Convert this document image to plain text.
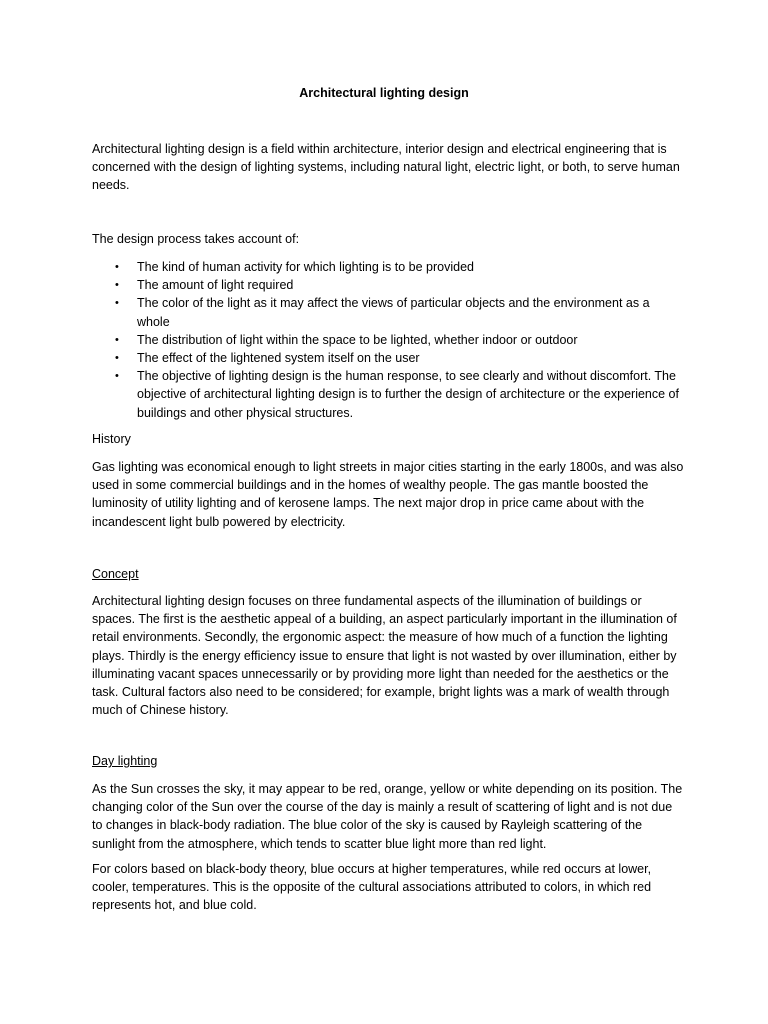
Architectural lighting design

Architectural lighting design is a field within architecture, interior design and electrical engineering that is concerned with the design of lighting systems, including natural light, electric light, or both, to serve human needs.

The design process takes account of:

• The kind of human activity for which lighting is to be provided
• The amount of light required
• The color of the light as it may affect the views of particular objects and the environment as a whole
• The distribution of light within the space to be lighted, whether indoor or outdoor
• The effect of the lightened system itself on the user
• The objective of lighting design is the human response, to see clearly and without discomfort. The objective of architectural lighting design is to further the design of architecture or the experience of buildings and other physical structures.

History

Gas lighting was economical enough to light streets in major cities starting in the early 1800s, and was also used in some commercial buildings and in the homes of wealthy people. The gas mantle boosted the luminosity of utility lighting and of kerosene lamps. The next major drop in price came about with the incandescent light bulb powered by electricity.

Concept

Architectural lighting design focuses on three fundamental aspects of the illumination of buildings or spaces. The first is the aesthetic appeal of a building, an aspect particularly important in the illumination of retail environments. Secondly, the ergonomic aspect: the measure of how much of a function the lighting plays. Thirdly is the energy efficiency issue to ensure that light is not wasted by over illumination, either by illuminating vacant spaces unnecessarily or by providing more light than needed for the aesthetics or the task. Cultural factors also need to be considered; for example, bright lights was a mark of wealth through much of Chinese history.

Day lighting

As the Sun crosses the sky, it may appear to be red, orange, yellow or white depending on its position. The changing color of the Sun over the course of the day is mainly a result of scattering of light and is not due to changes in black-body radiation. The blue color of the sky is caused by Rayleigh scattering of the sunlight from the atmosphere, which tends to scatter blue light more than red light.

For colors based on black-body theory, blue occurs at higher temperatures, while red occurs at lower, cooler, temperatures. This is the opposite of the cultural associations attributed to colors, in which red represents hot, and blue cold.
